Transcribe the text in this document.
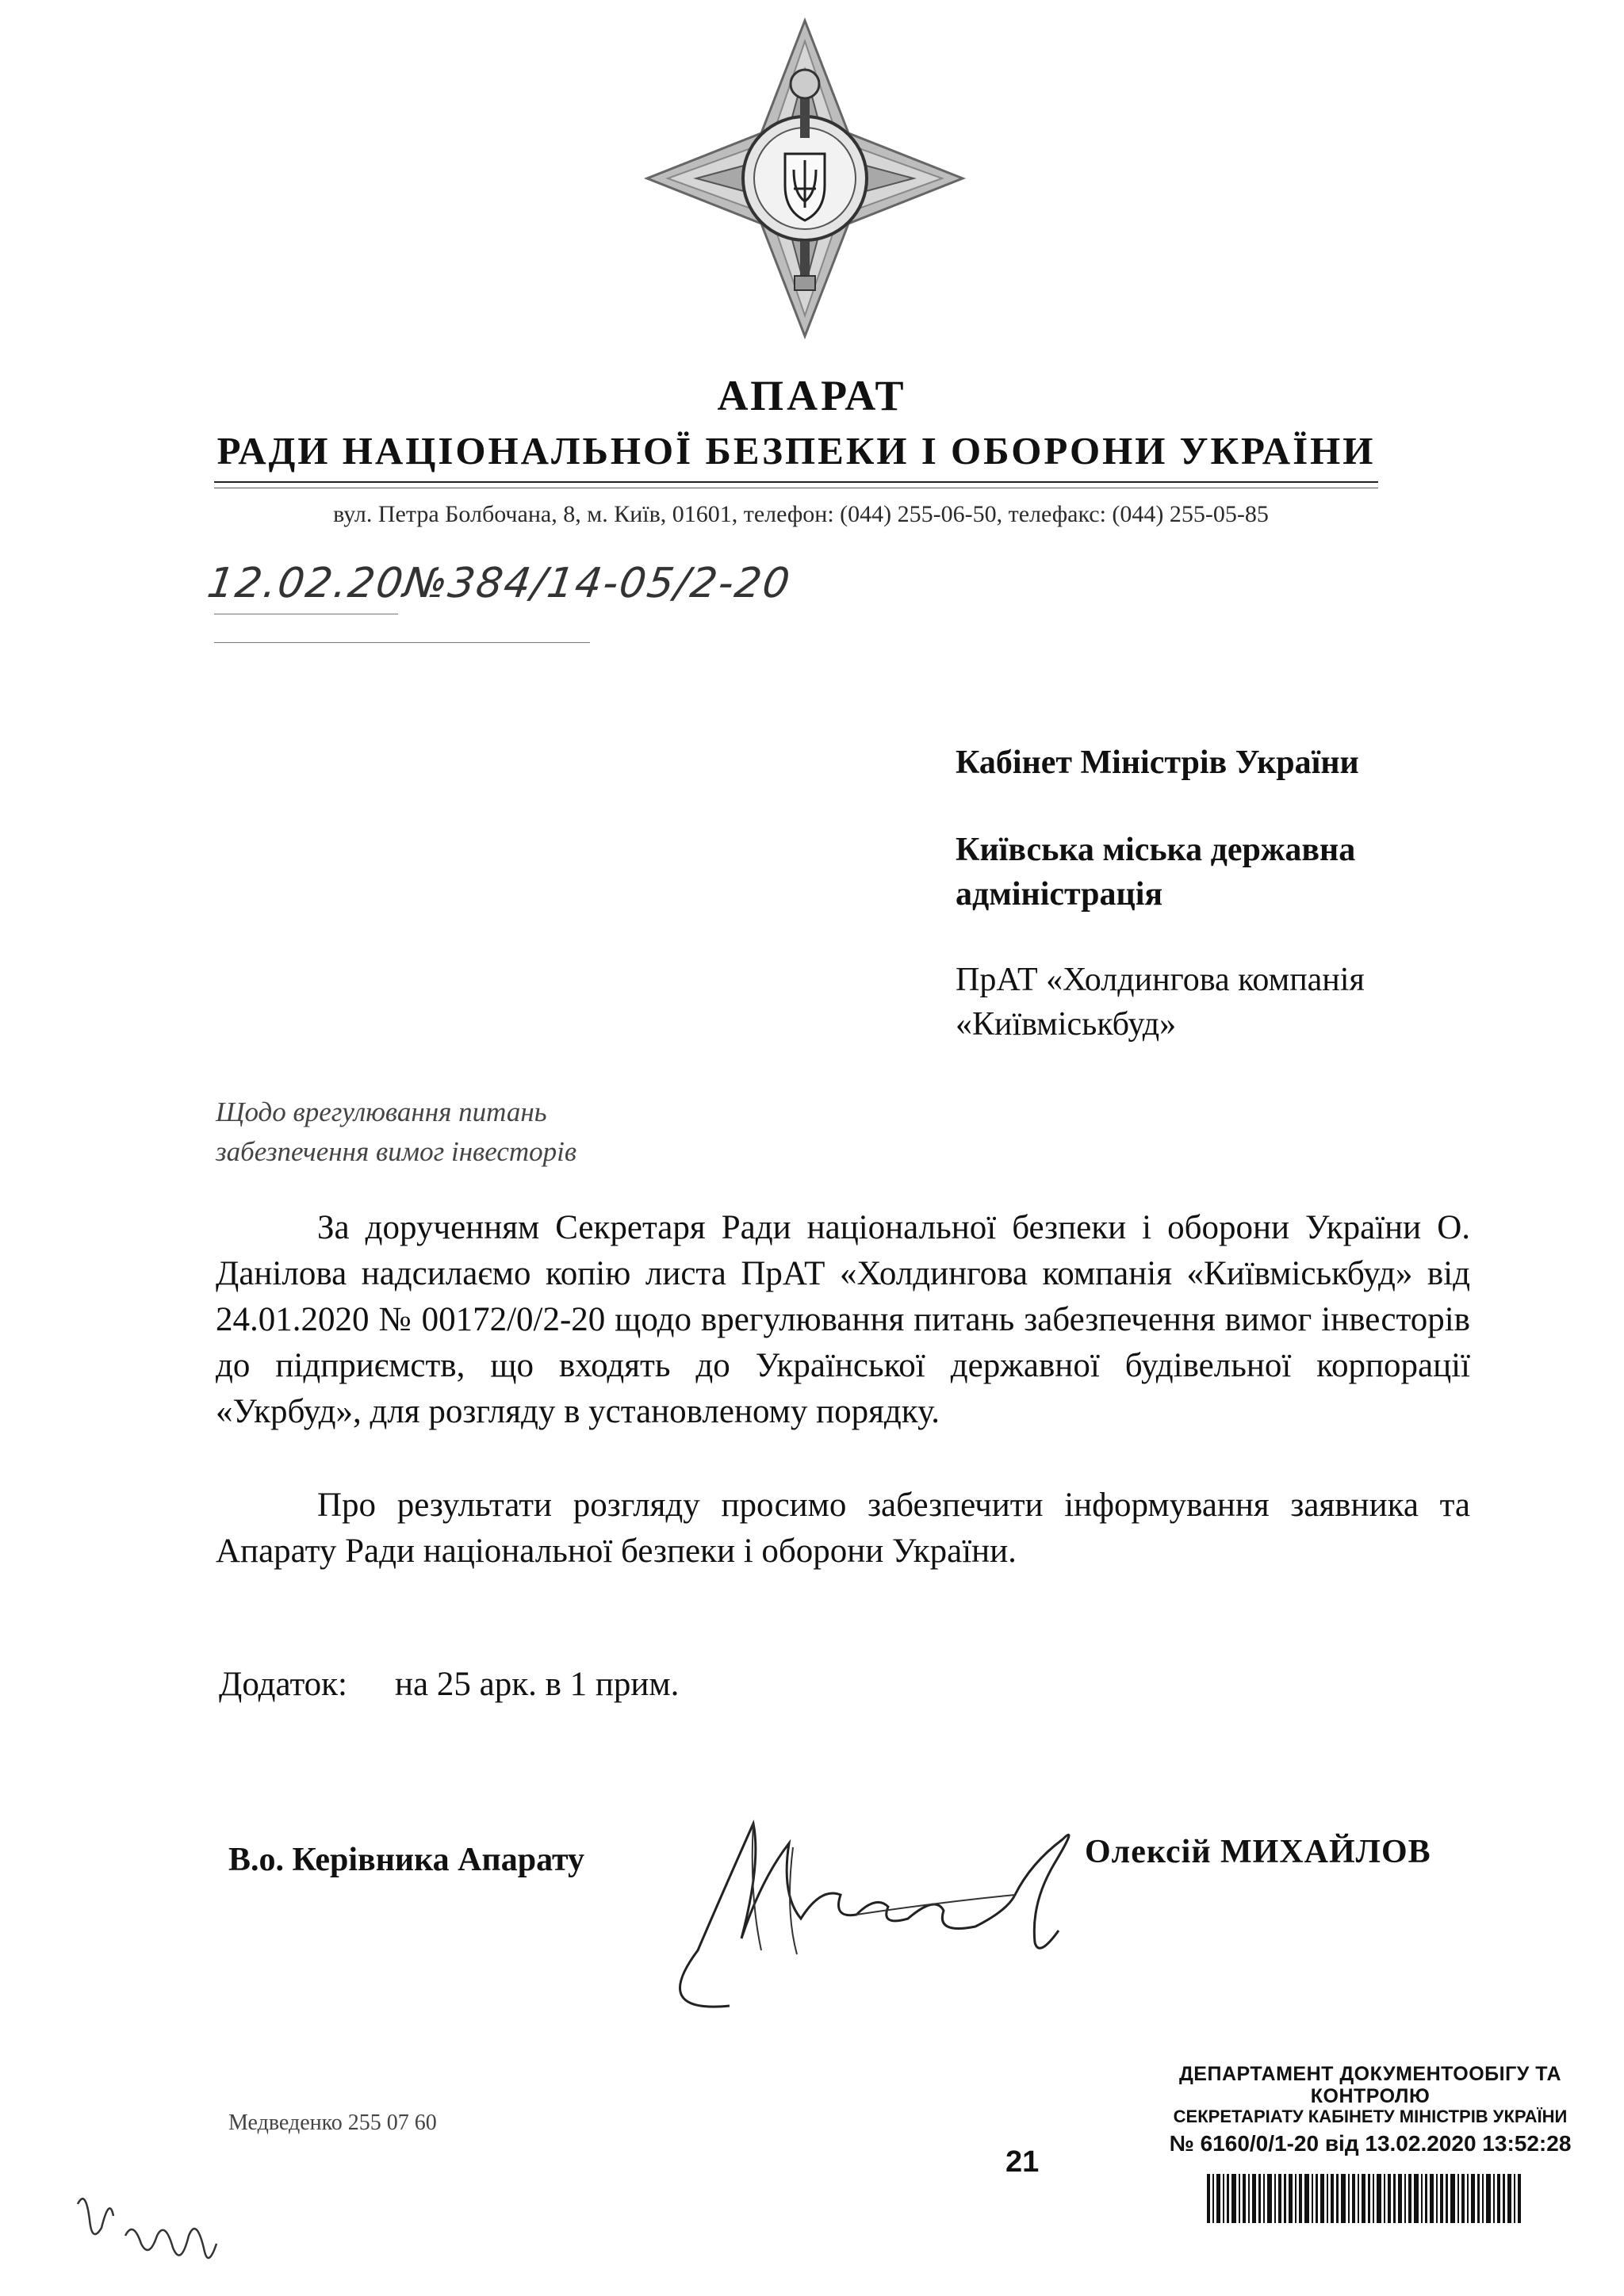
АПАРАТ
РАДИ НАЦІОНАЛЬНОЇ БЕЗПЕКИ І ОБОРОНИ УКРАЇНИ
вул. Петра Болбочана, 8, м. Київ, 01601, телефон: (044) 255-06-50, телефакс: (044) 255-05-85
12.02.20№384/14-05/2-20
Кабінет Міністрів України
Київська міська державна
адміністрація
ПрАТ «Холдингова компанія
«Київміськбуд»
Щодо врегулювання питань
забезпечення вимог інвесторів
За дорученням Секретаря Ради національної безпеки і оборони України О. Данілова надсилаємо копію листа ПрАТ «Холдингова компанія «Київміськбуд» від 24.01.2020 № 00172/0/2-20 щодо врегулювання питань забезпечення вимог інвесторів до підприємств, що входять до Української державної будівельної корпорації «Укрбуд», для розгляду в установленому порядку.
Про результати розгляду просимо забезпечити інформування заявника та Апарату Ради національної безпеки і оборони України.
Додаток: на 25 арк. в 1 прим.
В.о. Керівника Апарату	Олексій МИХАЙЛОВ
Медведенко 255 07 60
21
ДЕПАРТАМЕНТ ДОКУМЕНТООБІГУ ТА КОНТРОЛЮ
СЕКРЕТАРІАТУ КАБІНЕТУ МІНІСТРІВ УКРАЇНИ
№ 6160/0/1-20 від 13.02.2020 13:52:28
